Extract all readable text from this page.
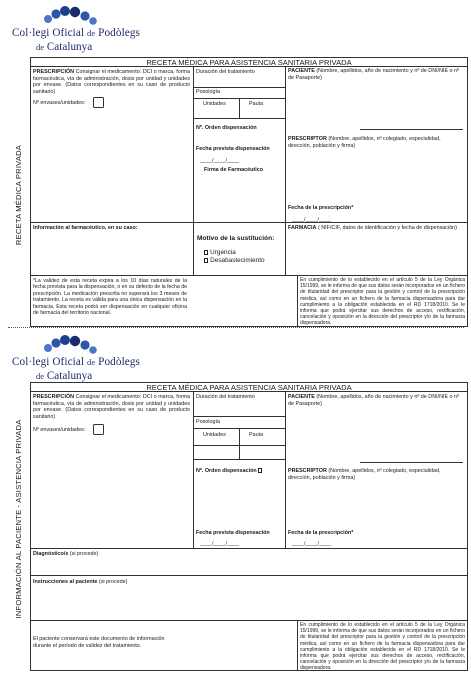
Col·legi Oficial de Podòlegs
de Catalunya
RECETA MÉDICA PARA ASISTENCIA SANITARIA PRIVADA
RECETA MÉDICA PRIVADA
PRESCRIPCIÓN Consignar el medicamento: DCI o marca, forma farmacéutica, vía de administración, dosis por unidad y unidades por envase. (Datos correspondientes en su caso de producto sanitario)
Nº envases/unidades:
Duración del tratamiento
Posología
Unidades	Pauta
Nº. Orden dispensación
Fecha prevista dispensación
____/____/____
Firma de Farmacéutico
PACIENTE (Nombre, apellidos, año de nacimiento y nº de DNI/NIE o nº de Pasaporte)
PRESCRIPTOR (Nombre, apellidos, nº colegiado, especialidad, dirección, población y firma)
Fecha de la prescripción*
____/____/____
Información al farmacéutico, en su caso:
Motivo de la sustitución:
Urgencia
Desabastecimiento
FARMACIA ( NIF/CIF, datos de identificación y fecha de dispensación)
*La validez de esta receta expira a los 10 días naturales de la fecha prevista para la dispensación, o en su defecto de la fecha de prescripción. La medicación prescrita no superará los 3 meses de tratamiento. La receta es válida para una única dispensación en la farmacia. Esta receta podrá ser dispensación en cualquier oficina de farmacia del territorio nacional.
En cumplimiento de lo establecido en el artículo 5 de la Ley Orgánica 15/1999, se le informa de que sus datos serán incorporados en un fichero de titularidad del prescriptor para la gestión y control de la prescripción médica, así como en un fichero de la farmacia dispensadora para dar cumplimiento a la obligación establecida en el RD 1718/2010. Se le informa que podrá ejercitar sus derechos de acceso, rectificación, cancelación y oposición en la dirección del prescriptor y/o de la farmacia dispensadora.
Col·legi Oficial de Podòlegs
de Catalunya
RECETA MÉDICA PARA ASISTENCIA SANITARIA PRIVADA
INFORMACIÓN AL PACIENTE - ASISTENCIA PRIVADA
PRESCRIPCIÓN Consignar el medicamento: DCI o marca, forma farmacéutica, vía de administración, dosis por unidad y unidades por envase. (Datos correspondientes en su caso de producto sanitario)
Nº envases/unidades:
Duración del tratamiento
Posología
Unidades	Pauta
Nº. Orden dispensación
Fecha prevista dispensación
____/____/____
PACIENTE (Nombre, apellidos, año de nacimiento y nº de DNI/NIE o nº de Pasaporte)
PRESCRIPTOR (Nombre, apellidos, nº colegiado, especialidad, dirección, población y firma)
Fecha de la prescripción*
____/____/____
Diagnóstico/s (si procede)
Instrucciones al paciente (si procede)
El paciente conservará este documento de información durante el período de validez del tratamiento.
En cumplimiento de lo establecido en el artículo 5 de la Ley Orgánica 15/1999, se le informa de que sus datos serán incorporados en un fichero de titularidad del prescriptor para la gestión y control de la prescripción médica, así como en un fichero de la farmacia dispensadora para dar cumplimiento a la obligación establecida en el RD 1718/2010. Se le informa que podrá ejercitar sus derechos de acceso, rectificación, cancelación y oposición en la dirección del prescriptor y/o de la farmacia dispensadora.
